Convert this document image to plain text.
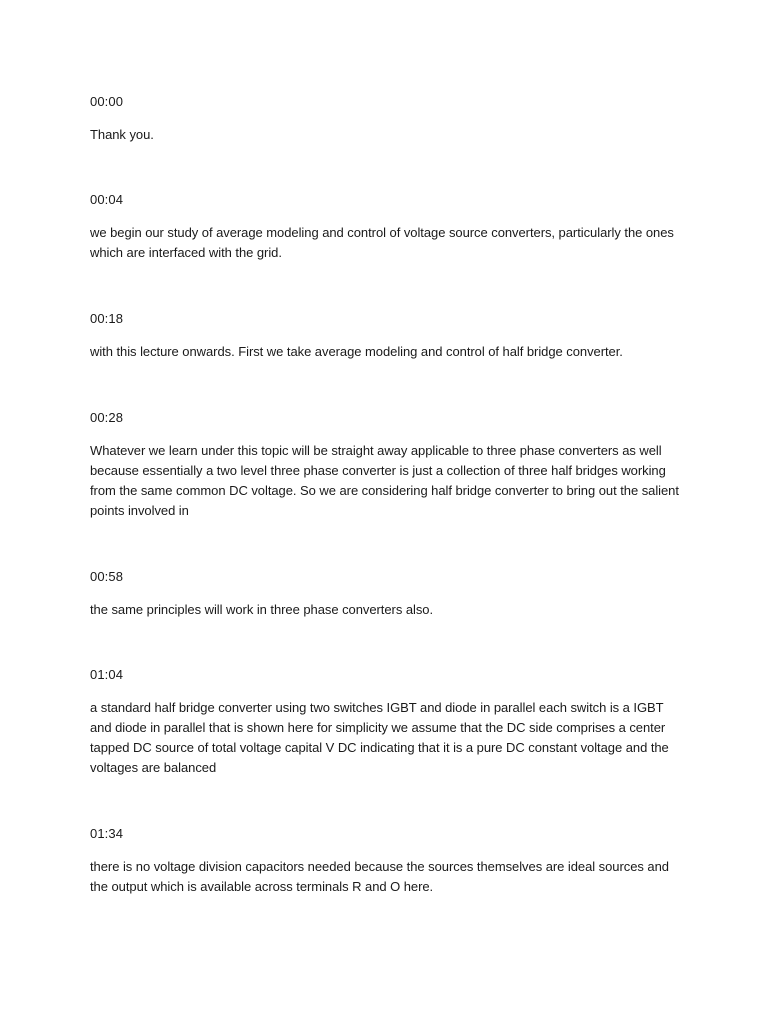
00:00
Thank you.
00:04
we begin our study of average modeling and control of voltage source converters, particularly the ones which are interfaced with the grid.
00:18
with this lecture onwards. First we take average modeling and control of half bridge converter.
00:28
Whatever we learn under this topic will be straight away applicable to three phase converters as well because essentially a two level three phase converter is just a collection of three half bridges working from the same common DC voltage. So we are considering half bridge converter to bring out the salient points involved in
00:58
the same principles will work in three phase converters also.
01:04
a standard half bridge converter using two switches IGBT and diode in parallel each switch is a IGBT and diode in parallel that is shown here for simplicity we assume that the DC side comprises a center tapped DC source of total voltage capital V DC indicating that it is a pure DC constant voltage and the voltages are balanced
01:34
there is no voltage division capacitors needed because the sources themselves are ideal sources and the output which is available across terminals R and O here.
